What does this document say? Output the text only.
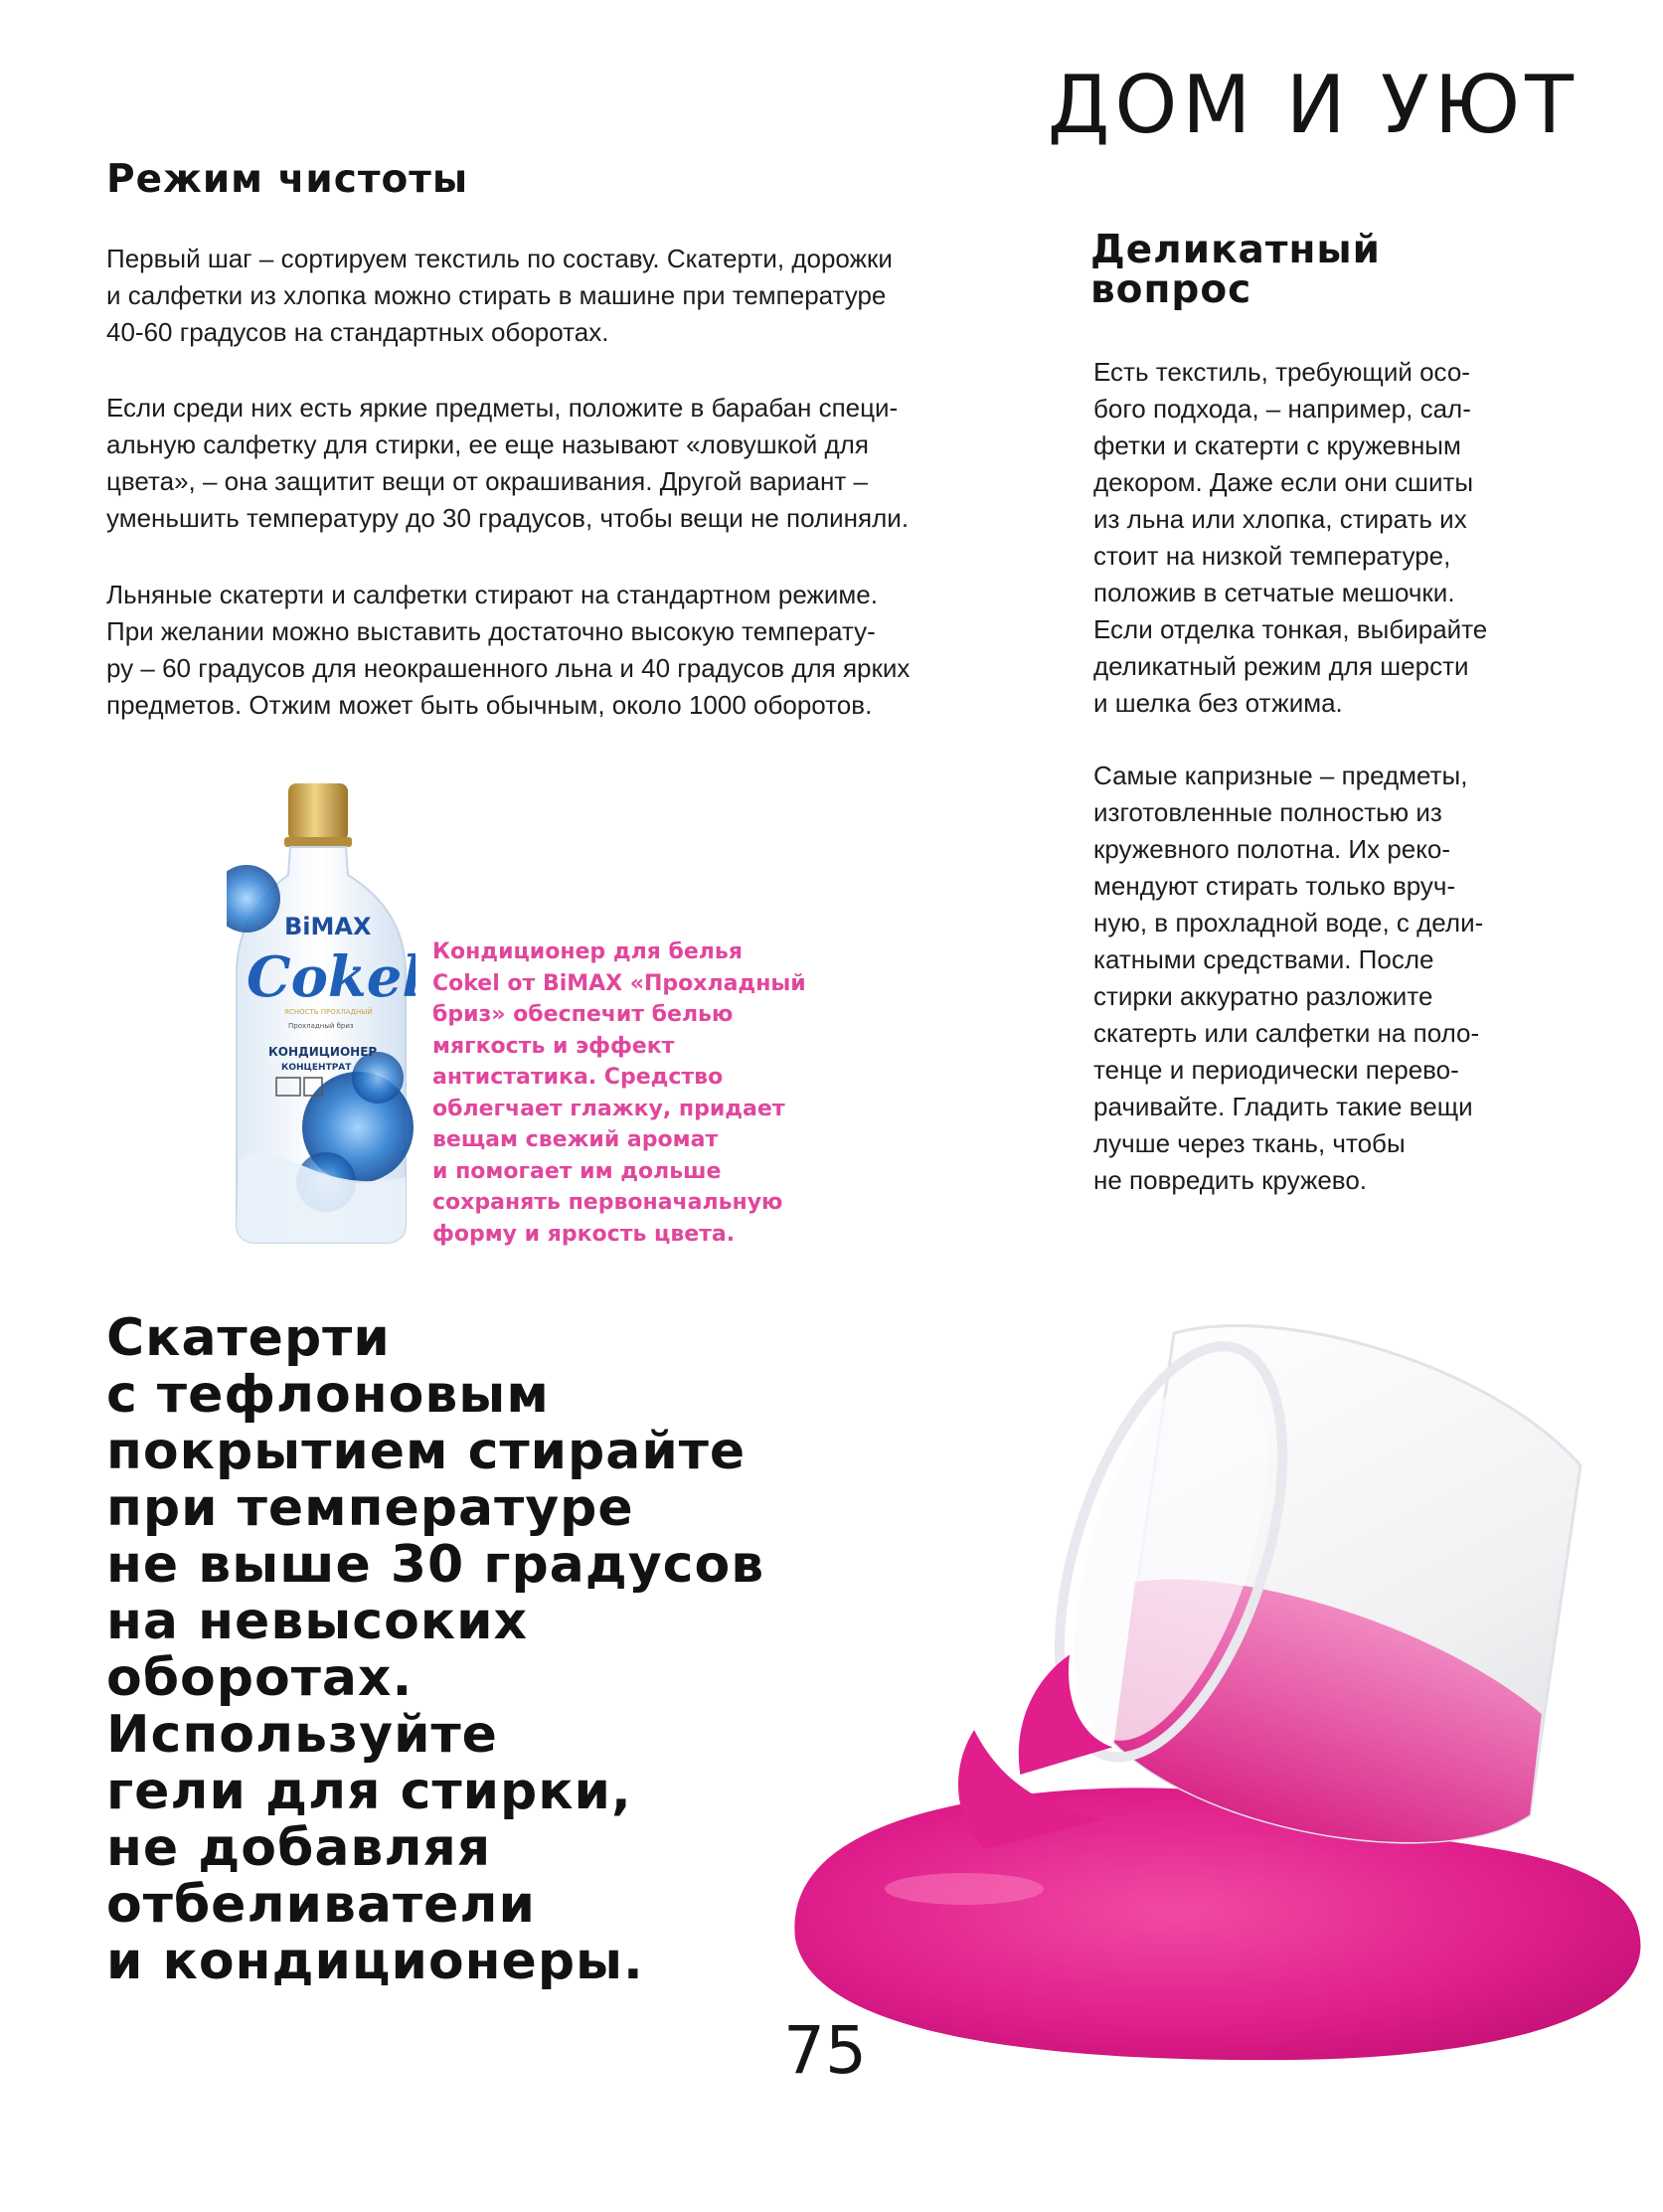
ДОМ И УЮТ
Режим чистоты

Первый шаг – сортируем текстиль по составу. Скатерти, дорожки
и салфетки из хлопка можно стирать в машине при температуре
40-60 градусов на стандартных оборотах.

Если среди них есть яркие предметы, положите в барабан специ-
альную салфетку для стирки, ее еще называют «ловушкой для
цвета», – она защитит вещи от окрашивания. Другой вариант –
уменьшить температуру до 30 градусов, чтобы вещи не полиняли.

Льняные скатерти и салфетки стирают на стандартном режиме.
При желании можно выставить достаточно высокую температу-
ру – 60 градусов для неокрашенного льна и 40 градусов для ярких
предметов. Отжим может быть обычным, около 1000 оборотов.

Деликатный
вопрос

Есть текстиль, требующий осо-
бого подхода, – например, сал-
фетки и скатерти с кружевным
декором. Даже если они сшиты
из льна или хлопка, стирать их
стоит на низкой температуре,
положив в сетчатые мешочки.
Если отделка тонкая, выбирайте
деликатный режим для шерсти
и шелка без отжима.

Самые капризные – предметы,
изготовленные полностью из
кружевного полотна. Их реко-
мендуют стирать только вруч-
ную, в прохладной воде, с дели-
катными средствами. После
стирки аккуратно разложите
скатерть или салфетки на поло-
тенце и периодически перево-
рачивайте. Гладить такие вещи
лучше через ткань, чтобы
не повредить кружево.

BiMAX
Cokel
ЯСНОСТЬ ПРОХЛАДНЫЙ
Прохладный бриз
КОНДИЦИОНЕР
КОНЦЕНТРАТ

Кондиционер для белья
Cokel от BiMAX «Прохладный
бриз» обеспечит белью
мягкость и эффект
антистатика. Средство
облегчает глажку, придает
вещам свежий аромат
и помогает им дольше
сохранять первоначальную
форму и яркость цвета.

Скатерти
с тефлоновым
покрытием стирайте
при температуре
не выше 30 градусов
на невысоких
оборотах.
Используйте
гели для стирки,
не добавляя
отбеливатели
и кондиционеры.

75
